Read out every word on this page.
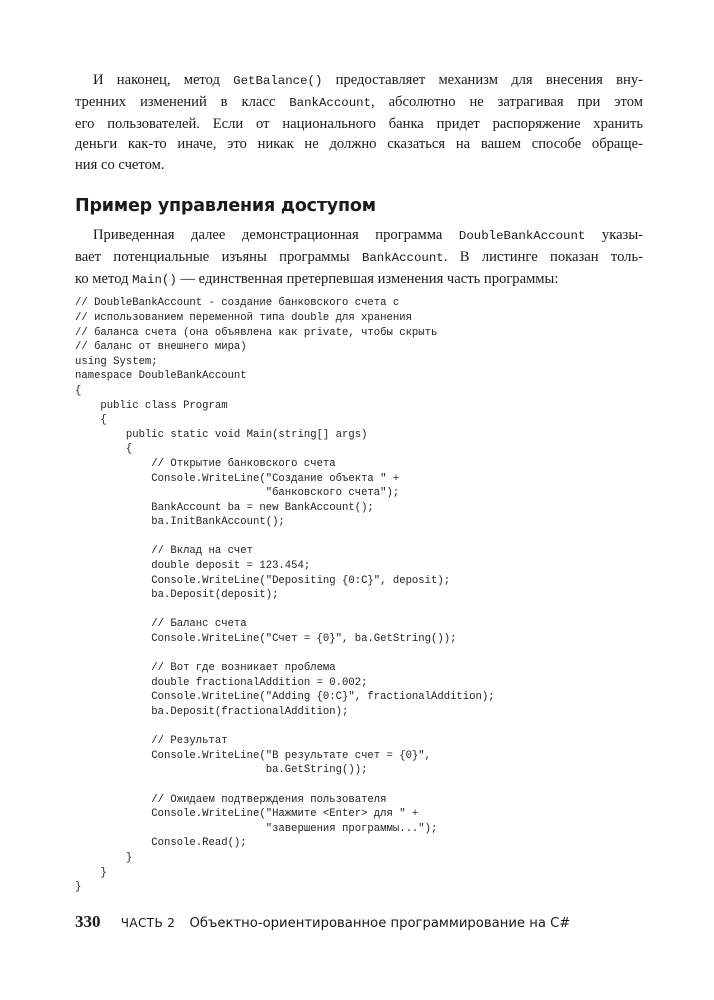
И наконец, метод GetBalance() предоставляет механизм для внесения вну-
тренних изменений в класс BankAccount, абсолютно не затрагивая при этом
его пользователей. Если от национального банка придет распоряжение хранить
деньги как-то иначе, это никак не должно сказаться на вашем способе обраще-
ния со счетом.
Пример управления доступом
Приведенная далее демонстрационная программа DoubleBankAccount указы-
вает потенциальные изъяны программы BankAccount. В листинге показан толь-
ко метод Main() — единственная претерпевшая изменения часть программы:
// DoubleBankAccount - создание банковского счета с
// использованием переменной типа double для хранения
// баланса счета (она объявлена как private, чтобы скрыть
// баланс от внешнего мира)
using System;
namespace DoubleBankAccount
{
public class Program
{
public static void Main(string[] args)
{
// Открытие банковского счета
Console.WriteLine("Создание объекта " +
"банковского счета");
BankAccount ba = new BankAccount();
ba.InitBankAccount();

// Вклад на счет
double deposit = 123.454;
Console.WriteLine("Depositing {0:C}", deposit);
ba.Deposit(deposit);

// Баланс счета
Console.WriteLine("Счет = {0}", ba.GetString());

// Вот где возникает проблема
double fractionalAddition = 0.002;
Console.WriteLine("Adding {0:C}", fractionalAddition);
ba.Deposit(fractionalAddition);

// Результат
Console.WriteLine("В результате счет = {0}",
ba.GetString());

// Ожидаем подтверждения пользователя
Console.WriteLine("Нажмите <Enter> для " +
"завершения программы...");
Console.Read();
}
}
}
330 ЧАСТЬ 2 Объектно-ориентированное программирование на C#
